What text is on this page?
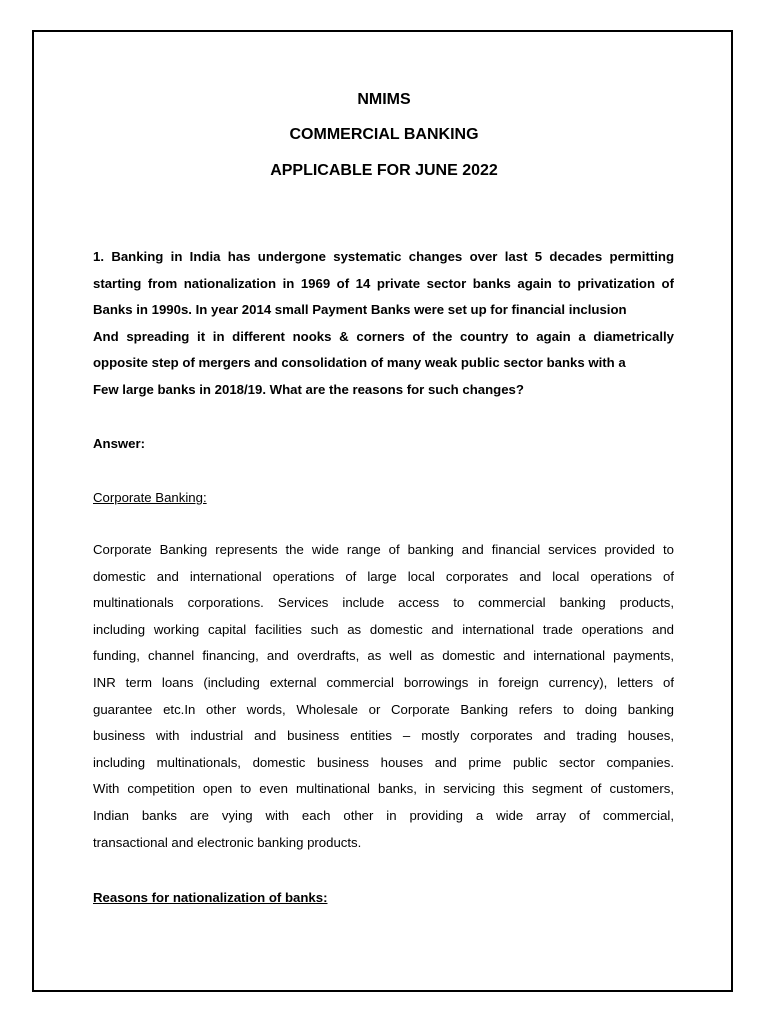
NMIMS
COMMERCIAL BANKING
APPLICABLE FOR JUNE 2022
1. Banking in India has undergone systematic changes over last 5 decades permitting
starting from nationalization in 1969 of 14 private sector banks again to privatization of
Banks in 1990s. In year 2014 small Payment Banks were set up for financial inclusion
And spreading it in different nooks & corners of the country to again a diametrically
opposite step of mergers and consolidation of many weak public sector banks with a
Few large banks in 2018/19. What are the reasons for such changes?
Answer:
Corporate Banking:
Corporate Banking represents the wide range of banking and financial services provided to
domestic and international operations of large local corporates and local operations of
multinationals corporations. Services include access to commercial banking products,
including working capital facilities such as domestic and international trade operations and
funding, channel financing, and overdrafts, as well as domestic and international payments,
INR term loans (including external commercial borrowings in foreign currency), letters of
guarantee etc.In other words, Wholesale or Corporate Banking refers to doing banking
business with industrial and business entities – mostly corporates and trading houses,
including multinationals, domestic business houses and prime public sector companies.
With competition open to even multinational banks, in servicing this segment of customers,
Indian banks are vying with each other in providing a wide array of commercial,
transactional and electronic banking products.
Reasons for nationalization of banks:
